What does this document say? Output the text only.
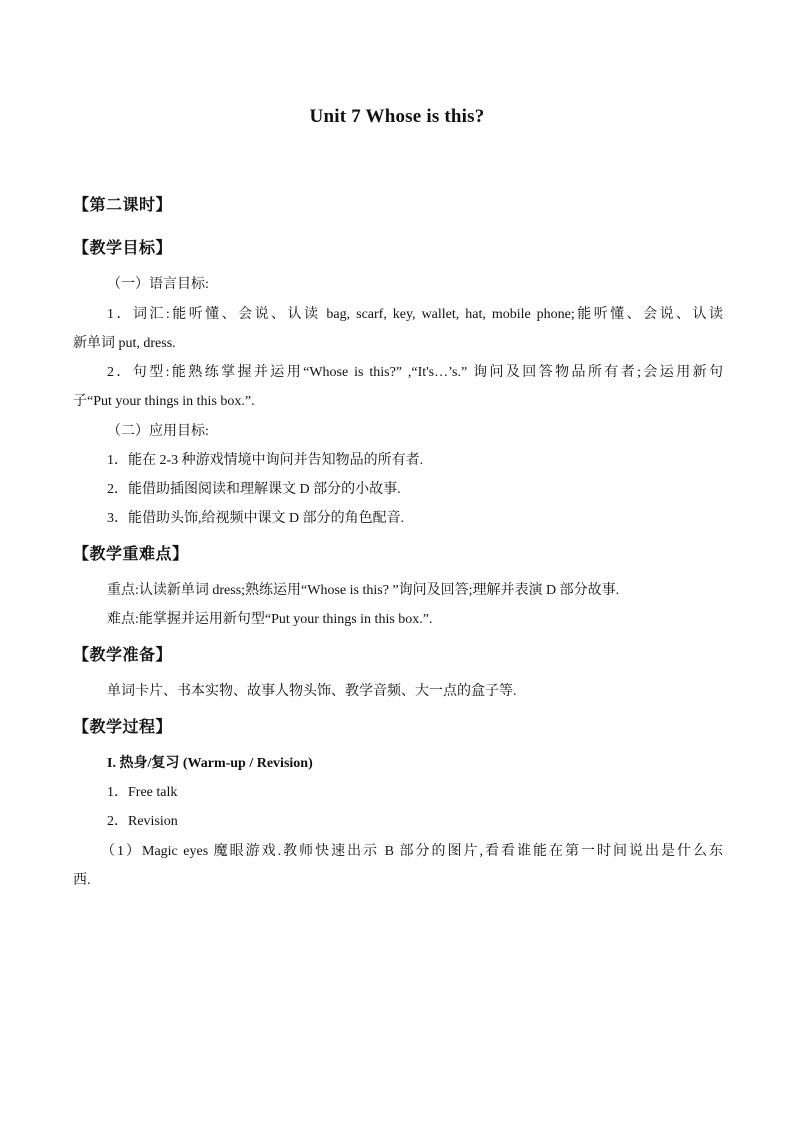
Unit 7 Whose is this?
【第二课时】
【教学目标】
（一）语言目标:
1．词汇:能听懂、会说、认读 bag, scarf, key, wallet, hat, mobile phone;能听懂、会说、认读
新单词 put, dress.
2．句型:能熟练掌握并运用“Whose is this?” ,“It's…’s.” 询问及回答物品所有者;会运用新句
子“Put your things in this box.”.
（二）应用目标:
1．能在 2-3 种游戏情境中询问并告知物品的所有者.
2．能借助插图阅读和理解课文 D 部分的小故事.
3．能借助头饰,给视频中课文 D 部分的角色配音.
【教学重难点】
重点:认读新单词 dress;熟练运用“Whose is this? ”询问及回答;理解并表演 D 部分故事.
难点:能掌握并运用新句型“Put your things in this box.”.
【教学准备】
单词卡片、书本实物、故事人物头饰、教学音频、大一点的盒子等.
【教学过程】
I. 热身/复习 (Warm-up / Revision)
1．Free talk
2．Revision
（1）Magic eyes 魔眼游戏.教师快速出示 B 部分的图片,看看谁能在第一时间说出是什么东
西.
